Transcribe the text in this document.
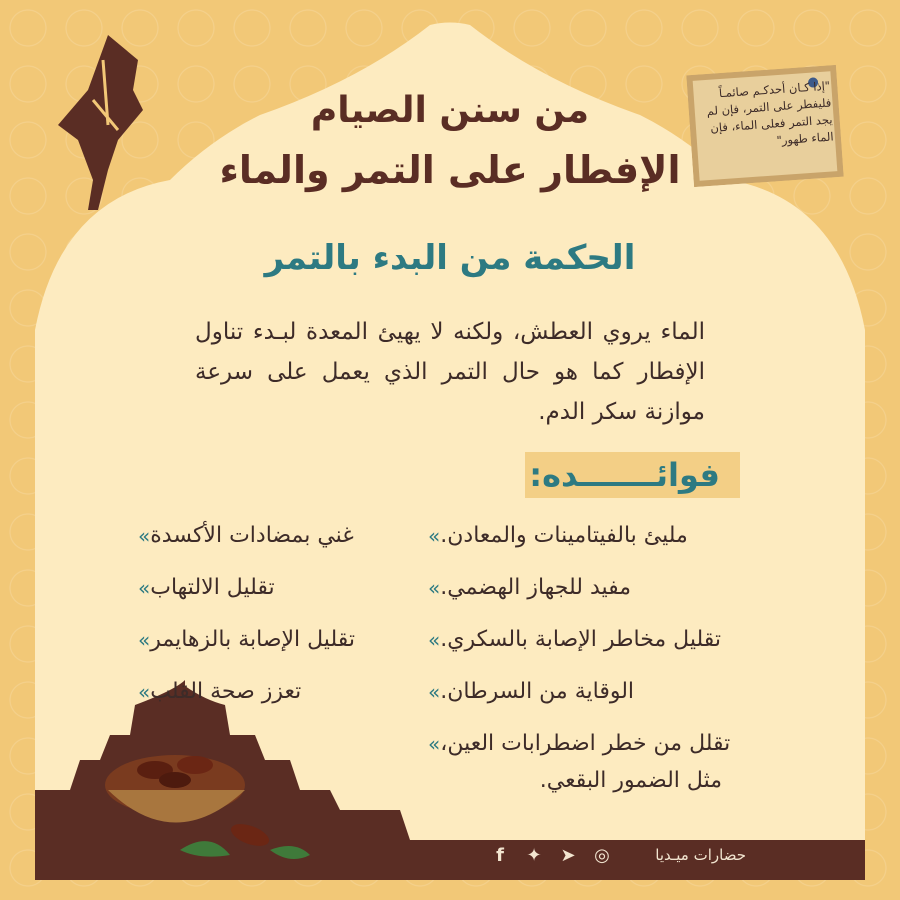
من سنن الصيام
الإفطار على التمر والماء
الحكمة من البدء بالتمر
الماء يروي العطش، ولكنه لا يهيئ المعدة لبـدء تناول الإفطار كما هو حال التمر الذي يعمل على سرعة موازنة سكر الدم.
فوائـــــــده:
» مليئ بالفيتامينات والمعادن.
» مفيد للجهاز الهضمي.
» تقليل مخاطر الإصابة بالسكري.
» الوقاية من السرطان.
» تقلل من خطر اضطرابات العين،
مثل الضمور البقعي.
» غني بمضادات الأكسدة
» تقليل الالتهاب
» تقليل الإصابة بالزهايمر
» تعزز صحة القلب
"إذا كـان أحدكـم صائمـاً فليفطر على التمر، فإن لم يجد التمر فعلى الماء، فإن الماء طهور"
حضارات ميـديا
◎
➤
✦
f
